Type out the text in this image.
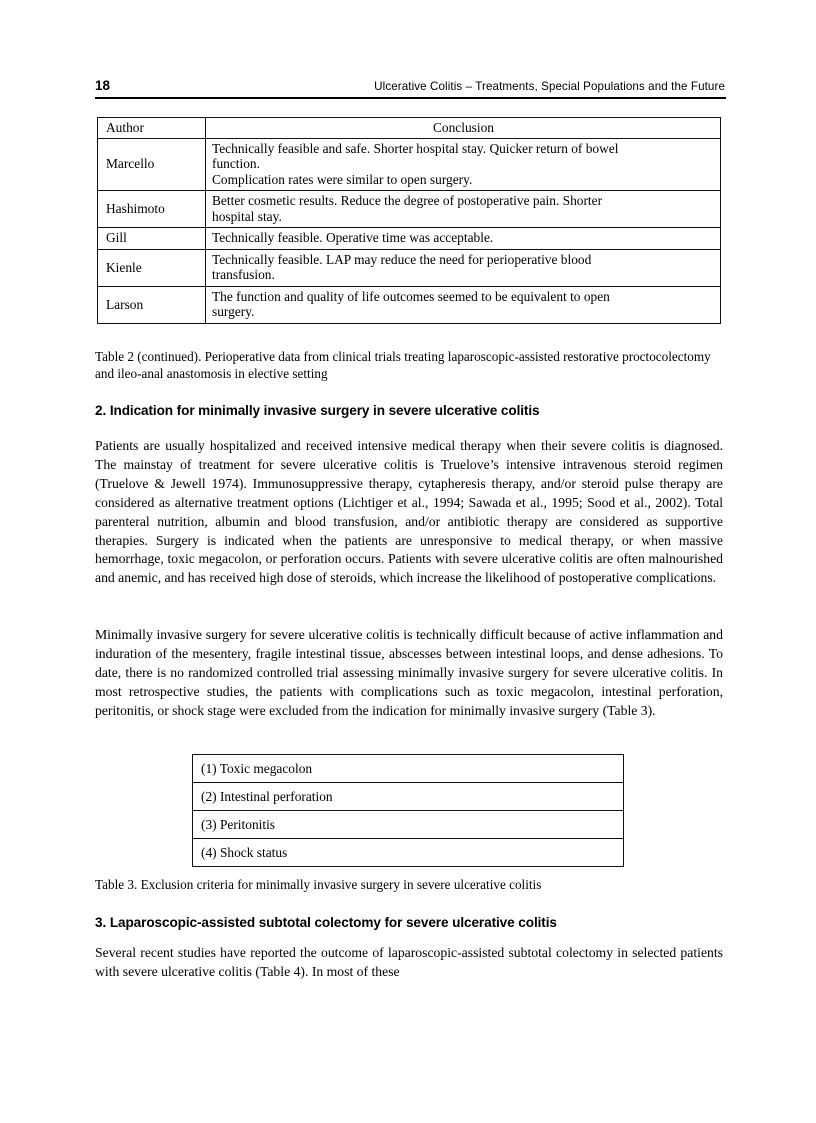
18	Ulcerative Colitis – Treatments, Special Populations and the Future
Author	Conclusion
Marcello	Technically feasible and safe. Shorter hospital stay. Quicker return of bowel
function.
Complication rates were similar to open surgery.

Hashimoto	Better cosmetic results. Reduce the degree of postoperative pain. Shorter
hospital stay.

Gill	Technically feasible. Operative time was acceptable.

Kienle	Technically feasible. LAP may reduce the need for perioperative blood
transfusion.

Larson	The function and quality of life outcomes seemed to be equivalent to open
surgery.
Table 2 (continued). Perioperative data from clinical trials treating laparoscopic-assisted restorative proctocolectomy and ileo-anal anastomosis in elective setting
2. Indication for minimally invasive surgery in severe ulcerative colitis
Patients are usually hospitalized and received intensive medical therapy when their severe colitis is diagnosed. The mainstay of treatment for severe ulcerative colitis is Truelove’s intensive intravenous steroid regimen (Truelove & Jewell 1974). Immunosuppressive therapy, cytapheresis therapy, and/or steroid pulse therapy are considered as alternative treatment options (Lichtiger et al., 1994; Sawada et al., 1995; Sood et al., 2002). Total parenteral nutrition, albumin and blood transfusion, and/or antibiotic therapy are considered as supportive therapies. Surgery is indicated when the patients are unresponsive to medical therapy, or when massive hemorrhage, toxic megacolon, or perforation occurs. Patients with severe ulcerative colitis are often malnourished and anemic, and has received high dose of steroids, which increase the likelihood of postoperative complications.
Minimally invasive surgery for severe ulcerative colitis is technically difficult because of active inflammation and induration of the mesentery, fragile intestinal tissue, abscesses between intestinal loops, and dense adhesions. To date, there is no randomized controlled trial assessing minimally invasive surgery for severe ulcerative colitis. In most retrospective studies, the patients with complications such as toxic megacolon, intestinal perforation, peritonitis, or shock stage were excluded from the indication for minimally invasive surgery (Table 3).
(1) Toxic megacolon
(2) Intestinal perforation
(3) Peritonitis
(4) Shock status
Table 3. Exclusion criteria for minimally invasive surgery in severe ulcerative colitis
3. Laparoscopic-assisted subtotal colectomy for severe ulcerative colitis
Several recent studies have reported the outcome of laparoscopic-assisted subtotal colectomy in selected patients with severe ulcerative colitis (Table 4). In most of these
